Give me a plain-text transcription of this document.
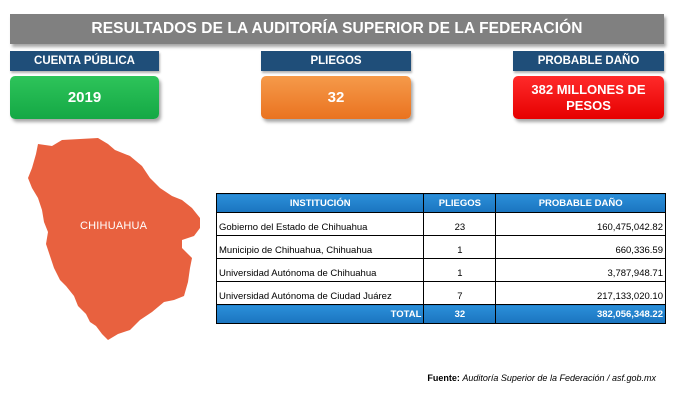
RESULTADOS DE LA AUDITORÍA SUPERIOR DE LA FEDERACIÓN
CUENTA PÚBLICA
2019
PLIEGOS
32
PROBABLE DAÑO
382 MILLONES DE PESOS
CHIHUAHUA
INSTITUCIÓN	PLIEGOS	PROBABLE DAÑO
Gobierno del Estado de Chihuahua	23	160,475,042.82
Municipio de Chihuahua, Chihuahua	1	660,336.59
Universidad Autónoma de Chihuahua	1	3,787,948.71
Universidad Autónoma de Ciudad Juárez	7	217,133,020.10
TOTAL	32	382,056,348.22
Fuente: Auditoría Superior de la Federación / asf.gob.mx
